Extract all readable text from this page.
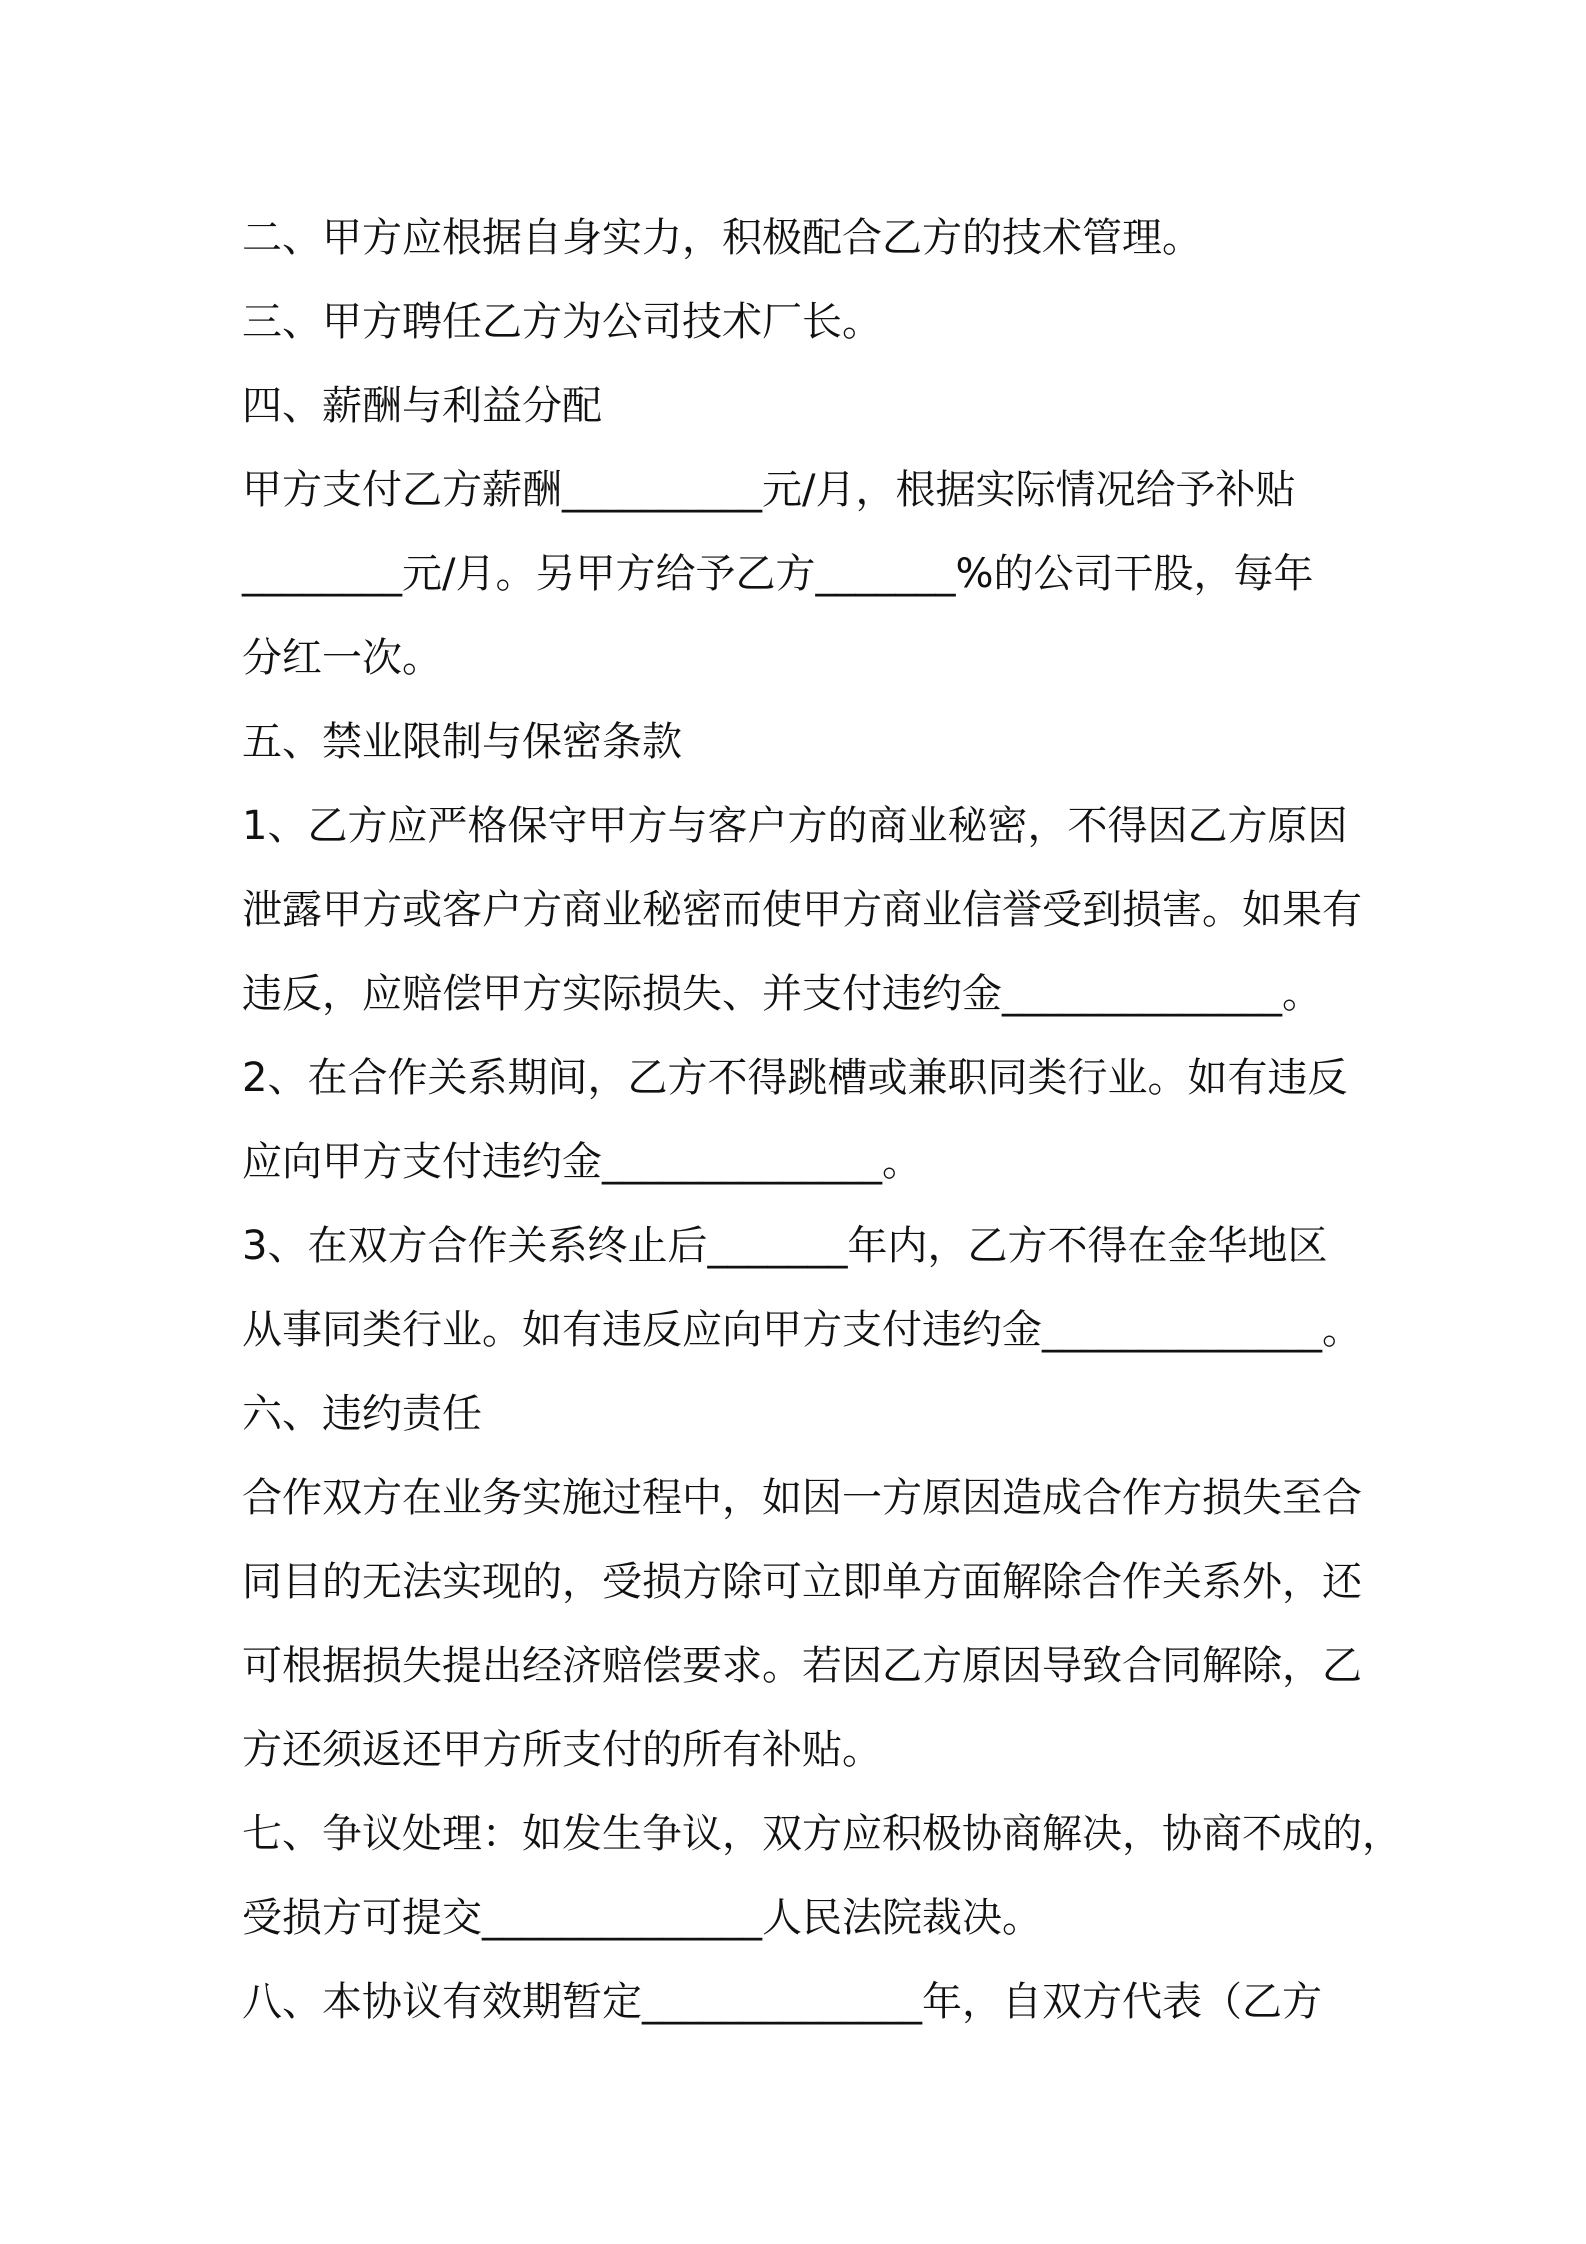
二、甲方应根据自身实力，积极配合乙方的技术管理。
三、甲方聘任乙方为公司技术厂长。
四、薪酬与利益分配
甲方支付乙方薪酬__________元/月，根据实际情况给予补贴
________元/月。另甲方给予乙方_______%的公司干股，每年
分红一次。
五、禁业限制与保密条款
1、乙方应严格保守甲方与客户方的商业秘密，不得因乙方原因
泄露甲方或客户方商业秘密而使甲方商业信誉受到损害。如果有
违反，应赔偿甲方实际损失、并支付违约金______________。
2、在合作关系期间，乙方不得跳槽或兼职同类行业。如有违反
应向甲方支付违约金______________。
3、在双方合作关系终止后_______年内，乙方不得在金华地区
从事同类行业。如有违反应向甲方支付违约金______________。
六、违约责任
合作双方在业务实施过程中，如因一方原因造成合作方损失至合
同目的无法实现的，受损方除可立即单方面解除合作关系外，还
可根据损失提出经济赔偿要求。若因乙方原因导致合同解除，乙
方还须返还甲方所支付的所有补贴。
七、争议处理：如发生争议，双方应积极协商解决，协商不成的，
受损方可提交______________人民法院裁决。
八、本协议有效期暂定______________年，自双方代表（乙方
